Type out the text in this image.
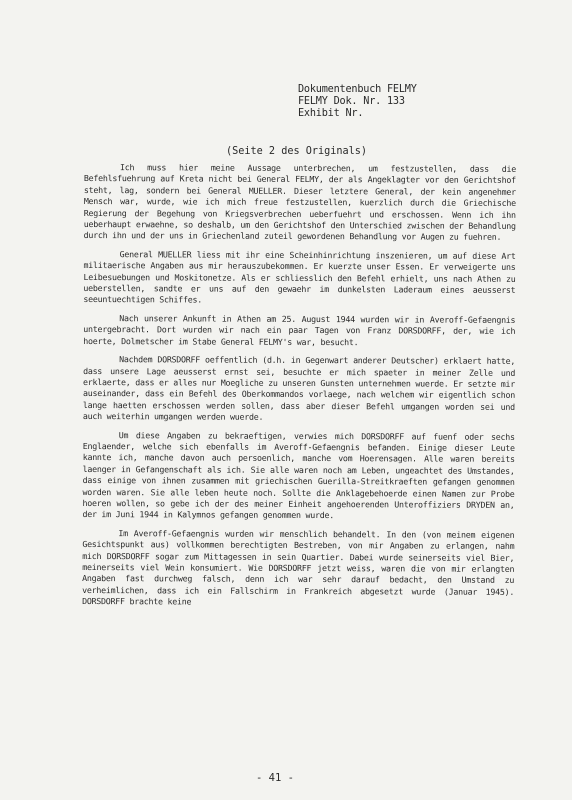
Dokumentenbuch FELMY
FELMY Dok. Nr. 133
Exhibit Nr.
(Seite 2 des Originals)

Ich muss hier meine Aussage unterbrechen, um festzustellen, dass die Befehlsfuehrung auf Kreta nicht bei General FELMY, der als Angeklagter vor den Gerichtshof steht, lag, sondern bei General MUELLER. Dieser letztere General, der kein angenehmer Mensch war, wurde, wie ich mich freue festzustellen, kuerzlich durch die Griechische Regierung der Begehung von Kriegsverbrechen ueberfuehrt und erschossen. Wenn ich ihn ueberhaupt erwaehne, so deshalb, um den Gerichtshof den Unterschied zwischen der Behandlung durch ihn und der uns in Griechenland zuteil gewordenen Behandlung vor Augen zu fuehren.

General MUELLER liess mit ihr eine Scheinhinrichtung inszenieren, um auf diese Art militaerische Angaben aus mir herauszubekommen. Er kuerzte unser Essen. Er verweigerte uns Leibesuebungen und Moskitonetze. Als er schliesslich den Befehl erhielt, uns nach Athen zu ueberstellen, sandte er uns auf den gewaehr im dunkelsten Laderaum eines aeusserst seeuntuechtigen Schiffes.

Nach unserer Ankunft in Athen am 25. August 1944 wurden wir in Averoff-Gefaengnis untergebracht. Dort wurden wir nach ein paar Tagen von Franz DORSDORFF, der, wie ich hoerte, Dolmetscher im Stabe General FELMY's war, besucht.

Nachdem DORSDORFF oeffentlich (d.h. in Gegenwart anderer Deutscher) erklaert hatte, dass unsere Lage aeusserst ernst sei, besuchte er mich spaeter in meiner Zelle und erklaerte, dass er alles nur Moegliche zu unseren Gunsten unternehmen wuerde. Er setzte mir auseinander, dass ein Befehl des Oberkommandos vorlaege, nach welchem wir eigentlich schon lange haetten erschossen werden sollen, dass aber dieser Befehl umgangen worden sei und auch weiterhin umgangen werden wuerde.

Um diese Angaben zu bekraeftigen, verwies mich DORSDORFF auf fuenf oder sechs Englaender, welche sich ebenfalls im Averoff-Gefaengnis befanden. Einige dieser Leute kannte ich, manche davon auch persoenlich, manche vom Hoerensagen. Alle waren bereits laenger in Gefangenschaft als ich. Sie alle waren noch am Leben, ungeachtet des Umstandes, dass einige von ihnen zusammen mit griechischen Guerilla-Streitkraeften gefangen genommen worden waren. Sie alle leben heute noch. Sollte die Anklagebehoerde einen Namen zur Probe hoeren wollen, so gebe ich der des meiner Einheit angehoerenden Unteroffiziers DRYDEN an, der im Juni 1944 in Kalymnos gefangen genommen wurde.

Im Averoff-Gefaengnis wurden wir menschlich behandelt. In den (von meinem eigenen Gesichtspunkt aus) vollkommen berechtigten Bestreben, von mir Angaben zu erlangen, nahm mich DORSDORFF sogar zum Mittagessen in sein Quartier. Dabei wurde seinerseits viel Bier, meinerseits viel Wein konsumiert. Wie DORSDORFF jetzt weiss, waren die von mir erlangten Angaben fast durchweg falsch, denn ich war sehr darauf bedacht, den Umstand zu verheimlichen, dass ich ein Fallschirm in Frankreich abgesetzt wurde (Januar 1945). DORSDORFF brachte keine

- 41 -
